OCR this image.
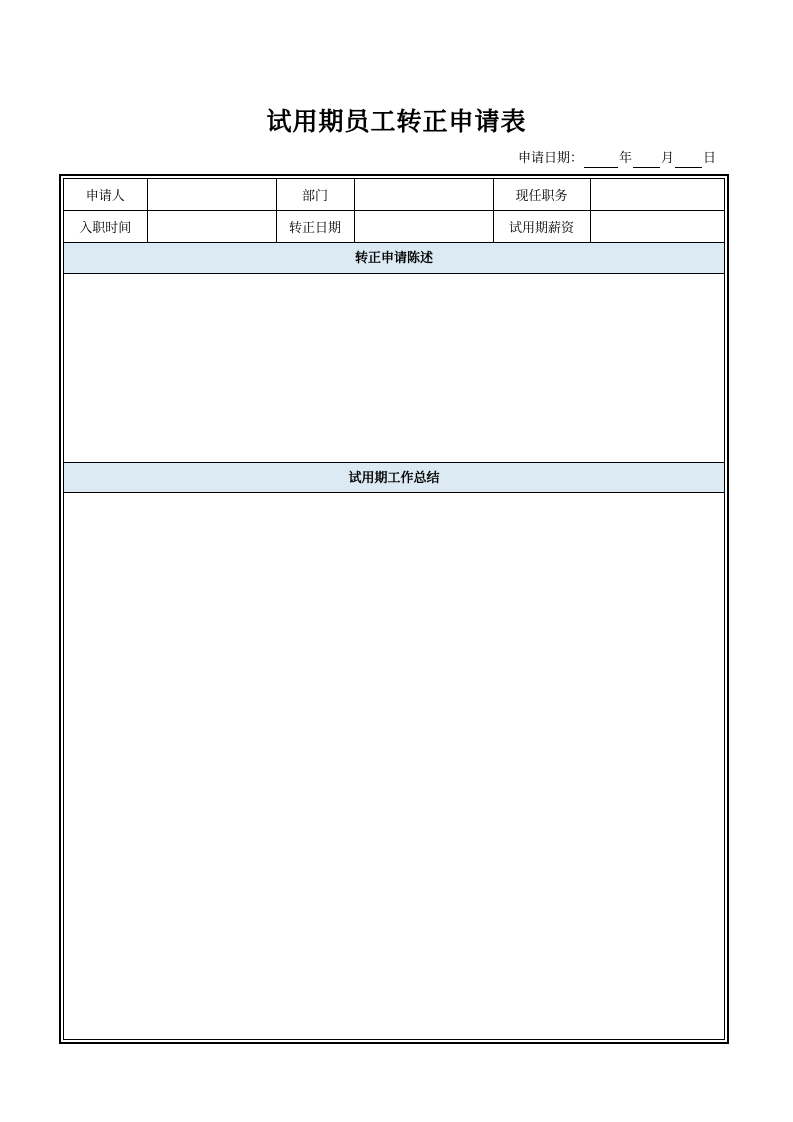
试用期员工转正申请表
申请日期：	年 月 日
申请人		部门		现任职务	
入职时间		转正日期		试用期薪资	
转正申请陈述
试用期工作总结
